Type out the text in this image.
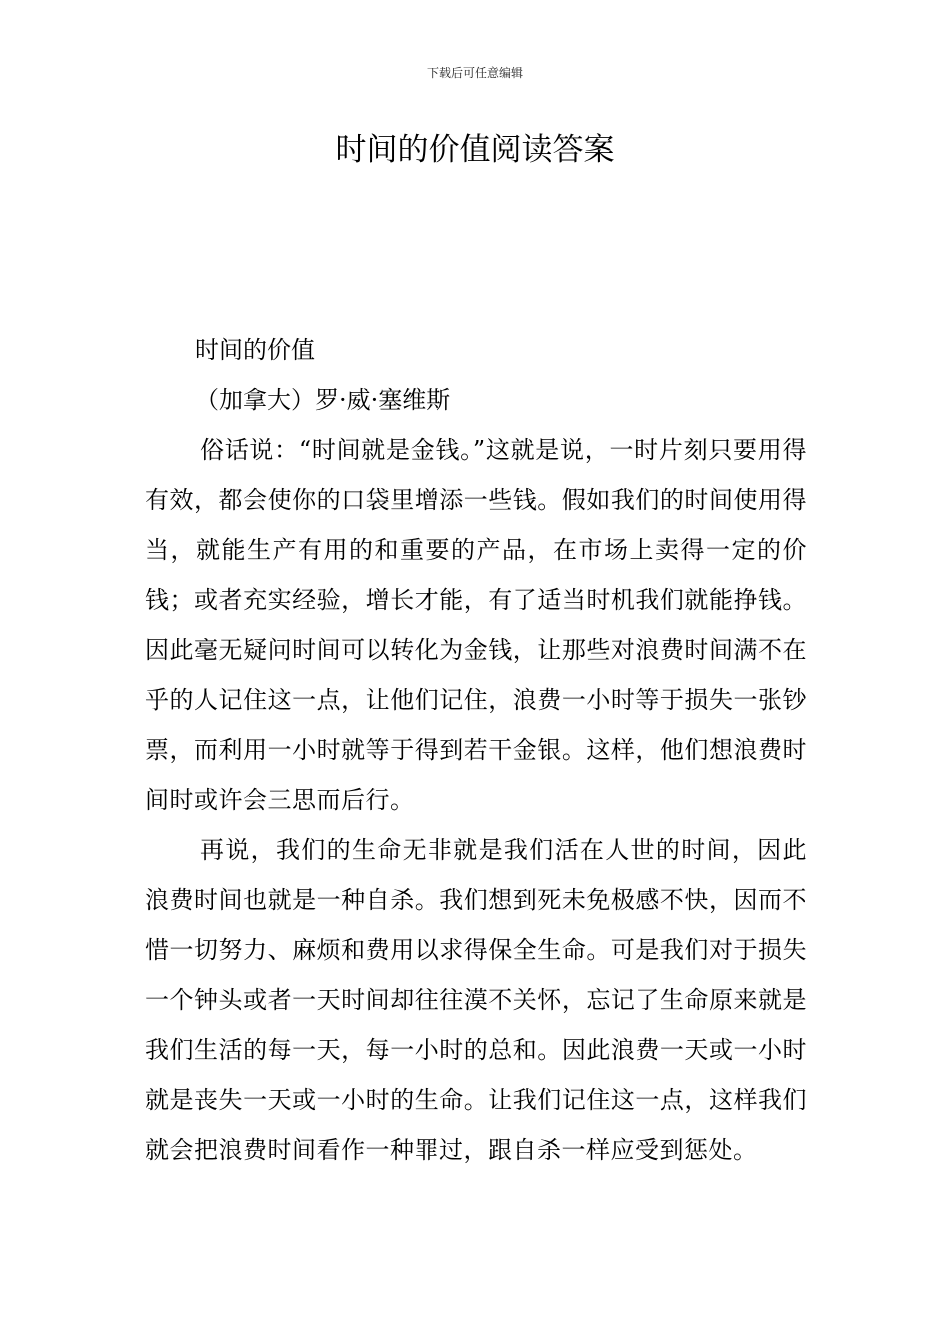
下载后可任意编辑
时间的价值阅读答案

时间的价值

（加拿大）罗·威·塞维斯

俗话说：“时间就是金钱。”这就是说，一时片刻只要用得有效，都会使你的口袋里增添一些钱。假如我们的时间使用得当，就能生产有用的和重要的产品，在市场上卖得一定的价钱；或者充实经验，增长才能，有了适当时机我们就能挣钱。因此毫无疑问时间可以转化为金钱，让那些对浪费时间满不在乎的人记住这一点，让他们记住，浪费一小时等于损失一张钞票，而利用一小时就等于得到若干金银。这样，他们想浪费时间时或许会三思而后行。

再说，我们的生命无非就是我们活在人世的时间，因此浪费时间也就是一种自杀。我们想到死未免极感不快，因而不惜一切努力、麻烦和费用以求得保全生命。可是我们对于损失一个钟头或者一天时间却往往漠不关怀，忘记了生命原来就是我们生活的每一天，每一小时的总和。因此浪费一天或一小时就是丧失一天或一小时的生命。让我们记住这一点，这样我们就会把浪费时间看作一种罪过，跟自杀一样应受到惩处。
